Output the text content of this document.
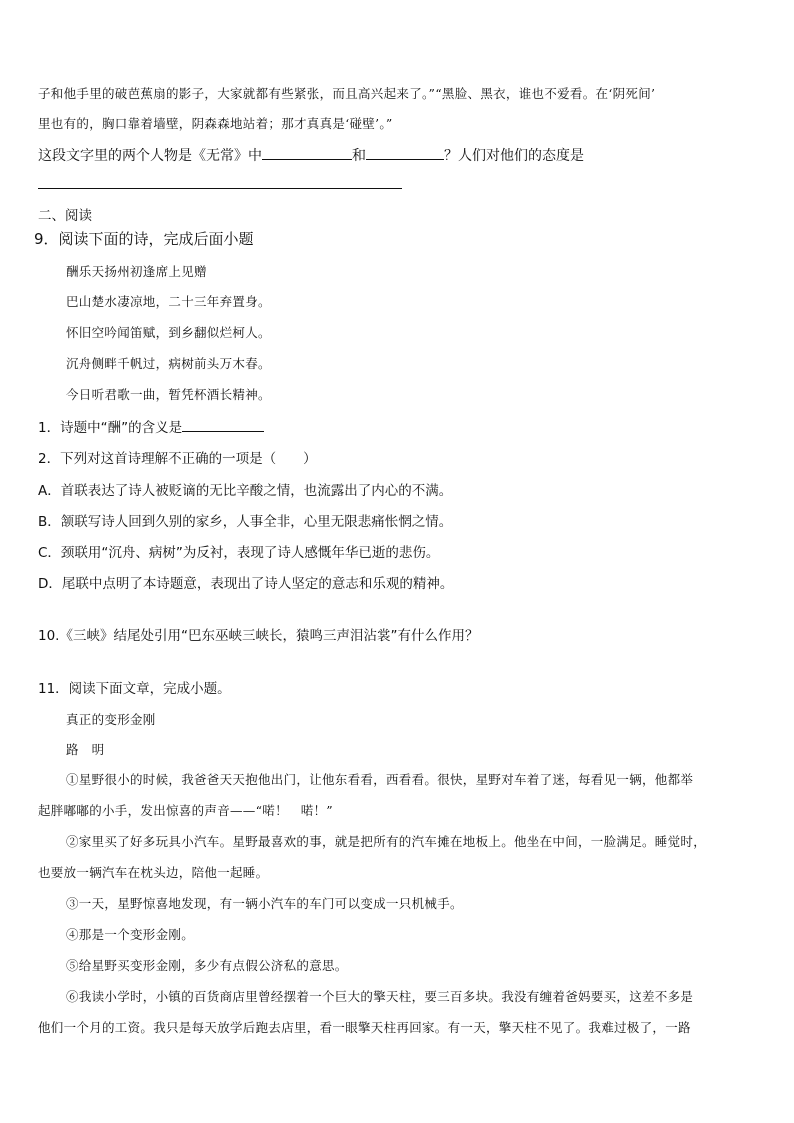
子和他手里的破芭蕉扇的影子，大家就都有些紧张，而且高兴起来了。”“黑脸、黑衣，谁也不爱看。在‘阴死间’
里也有的，胸口靠着墙壁，阴森森地站着；那才真真是‘碰壁’。”
这段文字里的两个人物是《无常》中	和	？人们对他们的态度是
二、阅读
9．阅读下面的诗，完成后面小题
酬乐天扬州初逢席上见赠
巴山楚水凄凉地，二十三年弃置身。
怀旧空吟闻笛赋，到乡翻似烂柯人。
沉舟侧畔千帆过，病树前头万木春。
今日听君歌一曲，暂凭杯酒长精神。
1．诗题中“酬”的含义是
2．下列对这首诗理解不正确的一项是（　　）
A．首联表达了诗人被贬谪的无比辛酸之情，也流露出了内心的不满。
B．颔联写诗人回到久别的家乡，人事全非，心里无限悲痛怅惘之情。
C．颈联用“沉舟、病树”为反衬，表现了诗人感慨年华已逝的悲伤。
D．尾联中点明了本诗题意，表现出了诗人坚定的意志和乐观的精神。
10.《三峡》结尾处引用“巴东巫峡三峡长，猿鸣三声泪沾裳”有什么作用？
11．阅读下面文章，完成小题。
真正的变形金刚
路　明
①星野很小的时候，我爸爸天天抱他出门，让他东看看，西看看。很快，星野对车着了迷，每看见一辆，他都举
起胖嘟嘟的小手，发出惊喜的声音——“喏！　喏！”
②家里买了好多玩具小汽车。星野最喜欢的事，就是把所有的汽车摊在地板上。他坐在中间，一脸满足。睡觉时，
也要放一辆汽车在枕头边，陪他一起睡。
③一天，星野惊喜地发现，有一辆小汽车的车门可以变成一只机械手。
④那是一个变形金刚。
⑤给星野买变形金刚，多少有点假公济私的意思。
⑥我读小学时，小镇的百货商店里曾经摆着一个巨大的擎天柱，要三百多块。我没有缠着爸妈要买，这差不多是
他们一个月的工资。我只是每天放学后跑去店里，看一眼擎天柱再回家。有一天，擎天柱不见了。我难过极了，一路
